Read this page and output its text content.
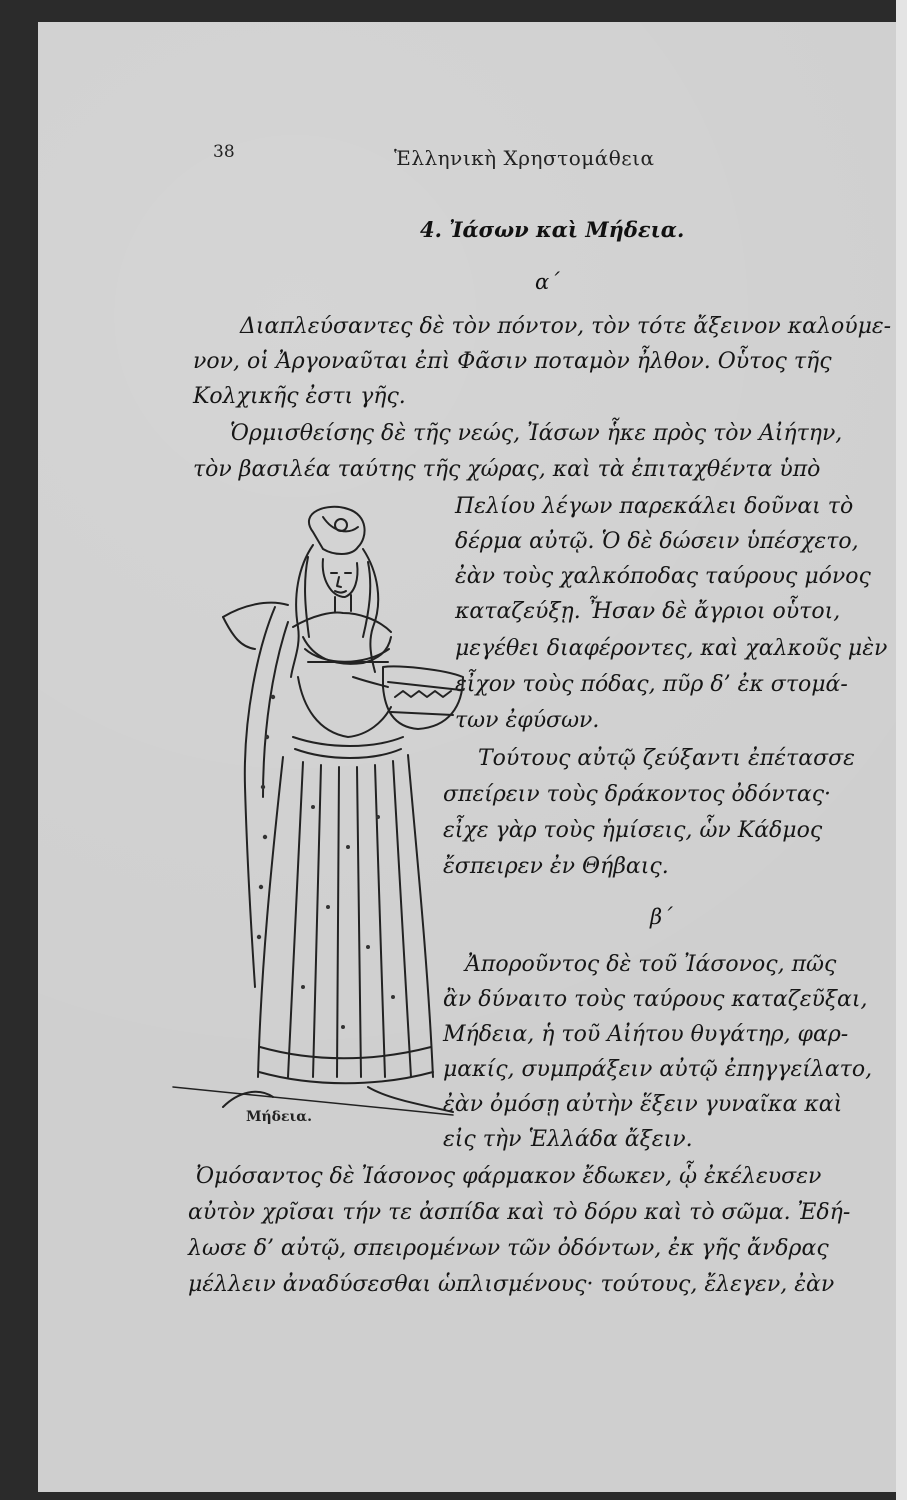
38	Ἑλληνικὴ Χρηστομάθεια
4. Ἰάσων καὶ Μήδεια.
α΄
Διαπλεύσαντες δὲ τὸν πόντον, τὸν τότε ἄξεινον καλούμε-
νον, οἱ Ἀργοναῦται ἐπὶ Φᾶσιν ποταμὸν ἦλθον. Οὗτος τῆς
Κολχικῆς ἐστι γῆς.
Ὁρμισθείσης δὲ τῆς νεώς, Ἰάσων ἧκε πρὸς τὸν Αἰήτην,
τὸν βασιλέα ταύτης τῆς χώρας, καὶ τὰ ἐπιταχθέντα ὑπὸ
Πελίου λέγων παρεκάλει δοῦναι τὸ
δέρμα αὐτῷ. Ὁ δὲ δώσειν ὑπέσχετο,
ἐὰν τοὺς χαλκόποδας ταύρους μόνος
καταζεύξῃ. Ἦσαν δὲ ἄγριοι οὗτοι,
μεγέθει διαφέροντες, καὶ χαλκοῦς μὲν
εἶχον τοὺς πόδας, πῦρ δ’ ἐκ στομά-
των ἐφύσων.
Τούτους αὐτῷ ζεύξαντι ἐπέτασσε
σπείρειν τοὺς δράκοντος ὀδόντας·
εἶχε γὰρ τοὺς ἡμίσεις, ὧν Κάδμος
ἔσπειρεν ἐν Θήβαις.
β΄
Ἀποροῦντος δὲ τοῦ Ἰάσονος, πῶς
ἂν δύναιτο τοὺς ταύρους καταζεῦξαι,
Μήδεια, ἡ τοῦ Αἰήτου θυγάτηρ, φαρ-
μακίς, συμπράξειν αὐτῷ ἐπηγγείλατο,
ἐὰν ὀμόσῃ αὐτὴν ἕξειν γυναῖκα καὶ
εἰς τὴν Ἑλλάδα ἄξειν.
Ὀμόσαντος δὲ Ἰάσονος φάρμακον ἔδωκεν, ᾧ ἐκέλευσεν
αὐτὸν χρῖσαι τήν τε ἀσπίδα καὶ τὸ δόρυ καὶ τὸ σῶμα. Ἐδή-
λωσε δ’ αὐτῷ, σπειρομένων τῶν ὀδόντων, ἐκ γῆς ἄνδρας
μέλλειν ἀναδύσεσθαι ὡπλισμένους· τούτους, ἔλεγεν, ἐὰν
Μήδεια.
